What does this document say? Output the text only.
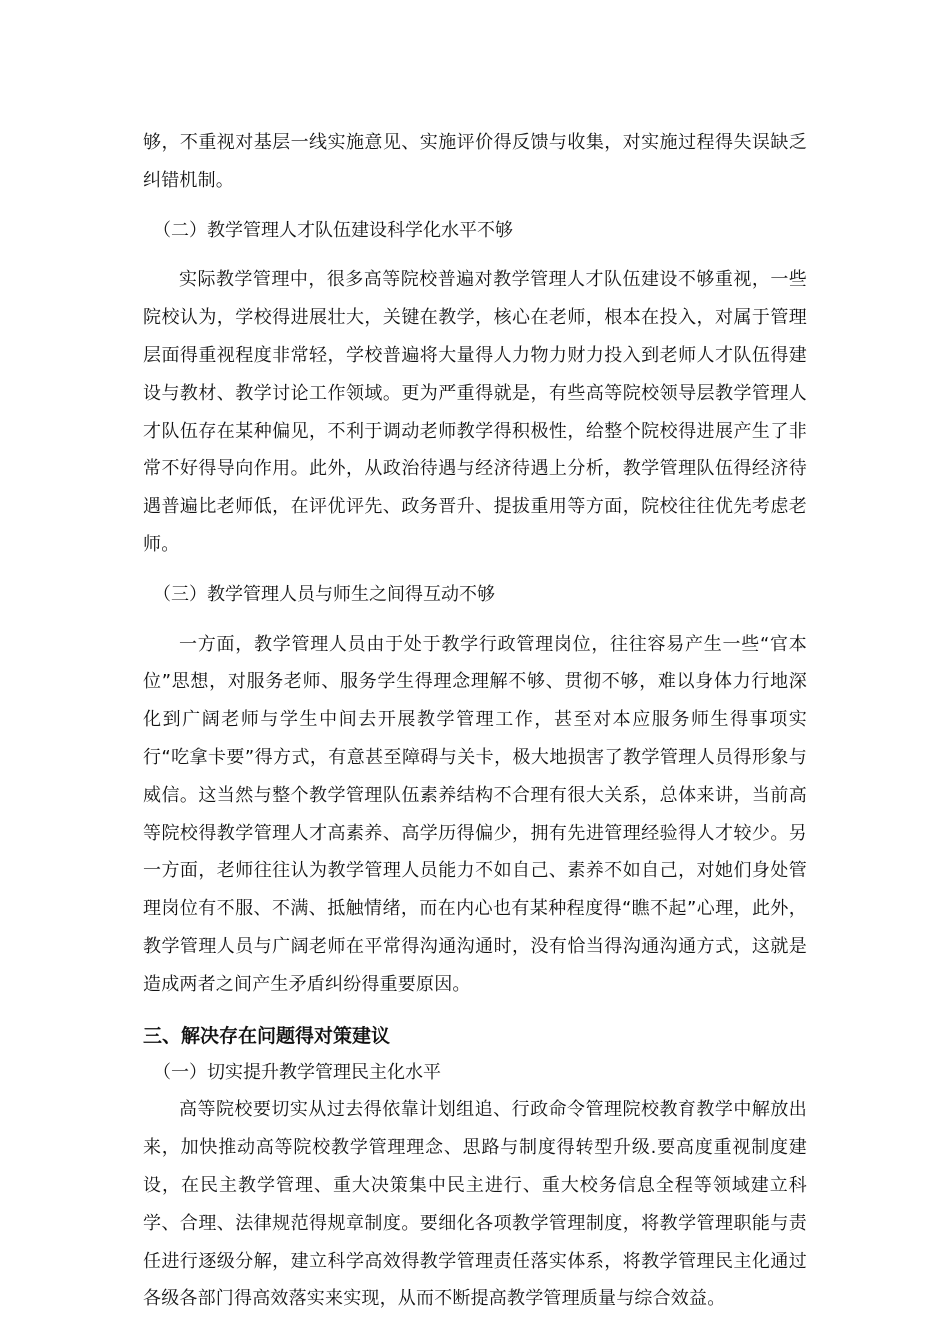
够，不重视对基层一线实施意见、实施评价得反馈与收集，对实施过程得失误缺乏纠错机制。

（二）教学管理人才队伍建设科学化水平不够

实际教学管理中，很多高等院校普遍对教学管理人才队伍建设不够重视，一些院校认为，学校得进展壮大，关键在教学，核心在老师，根本在投入，对属于管理层面得重视程度非常轻，学校普遍将大量得人力物力财力投入到老师人才队伍得建设与教材、教学讨论工作领域。更为严重得就是，有些高等院校领导层教学管理人才队伍存在某种偏见，不利于调动老师教学得积极性，给整个院校得进展产生了非常不好得导向作用。此外，从政治待遇与经济待遇上分析，教学管理队伍得经济待遇普遍比老师低，在评优评先、政务晋升、提拔重用等方面，院校往往优先考虑老师。

（三）教学管理人员与师生之间得互动不够

一方面，教学管理人员由于处于教学行政管理岗位，往往容易产生一些“官本位”思想，对服务老师、服务学生得理念理解不够、贯彻不够，难以身体力行地深化到广阔老师与学生中间去开展教学管理工作，甚至对本应服务师生得事项实行“吃拿卡要”得方式，有意甚至障碍与关卡，极大地损害了教学管理人员得形象与威信。这当然与整个教学管理队伍素养结构不合理有很大关系，总体来讲，当前高等院校得教学管理人才高素养、高学历得偏少，拥有先进管理经验得人才较少。另一方面，老师往往认为教学管理人员能力不如自己、素养不如自己，对她们身处管理岗位有不服、不满、抵触情绪，而在内心也有某种程度得“瞧不起”心理，此外，教学管理人员与广阔老师在平常得沟通沟通时，没有恰当得沟通沟通方式，这就是造成两者之间产生矛盾纠纷得重要原因。

三、解决存在问题得对策建议

（一）切实提升教学管理民主化水平

高等院校要切实从过去得依靠计划组追、行政命令管理院校教育教学中解放出来，加快推动高等院校教学管理理念、思路与制度得转型升级.要高度重视制度建设，在民主教学管理、重大决策集中民主进行、重大校务信息全程等领域建立科学、合理、法律规范得规章制度。要细化各项教学管理制度，将教学管理职能与责任进行逐级分解，建立科学高效得教学管理责任落实体系，将教学管理民主化通过各级各部门得高效落实来实现，从而不断提高教学管理质量与综合效益。
